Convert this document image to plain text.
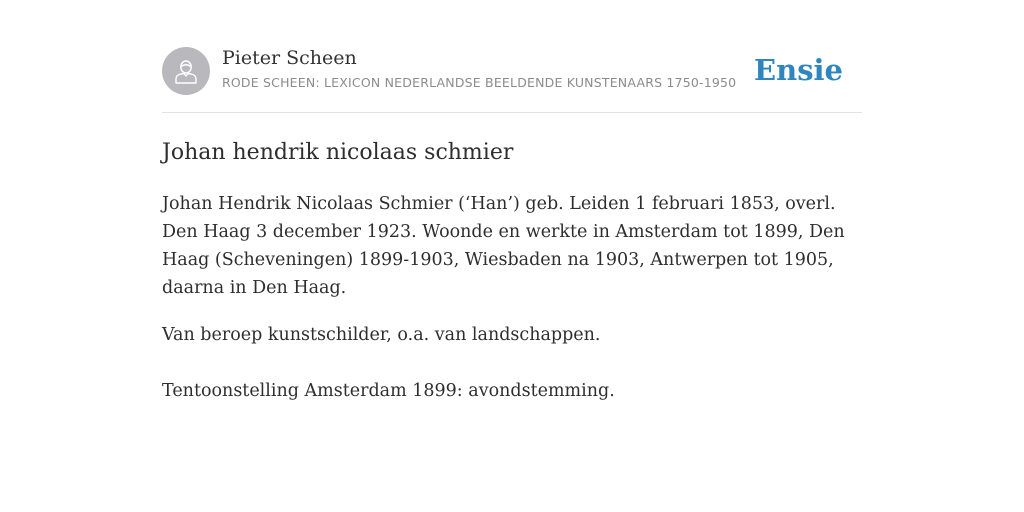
Pieter Scheen
RODE SCHEEN: LEXICON NEDERLANDSE BEELDENDE KUNSTENAARS 1750-1950 Ensie
Johan hendrik nicolaas schmier

Johan Hendrik Nicolaas Schmier (‘Han’) geb. Leiden 1 februari 1853, overl. Den Haag 3 december 1923. Woonde en werkte in Amsterdam tot 1899, Den Haag (Scheveningen) 1899-1903, Wiesbaden na 1903, Antwerpen tot 1905, daarna in Den Haag.

Van beroep kunstschilder, o.a. van landschappen.

Tentoonstelling Amsterdam 1899: avondstemming.
